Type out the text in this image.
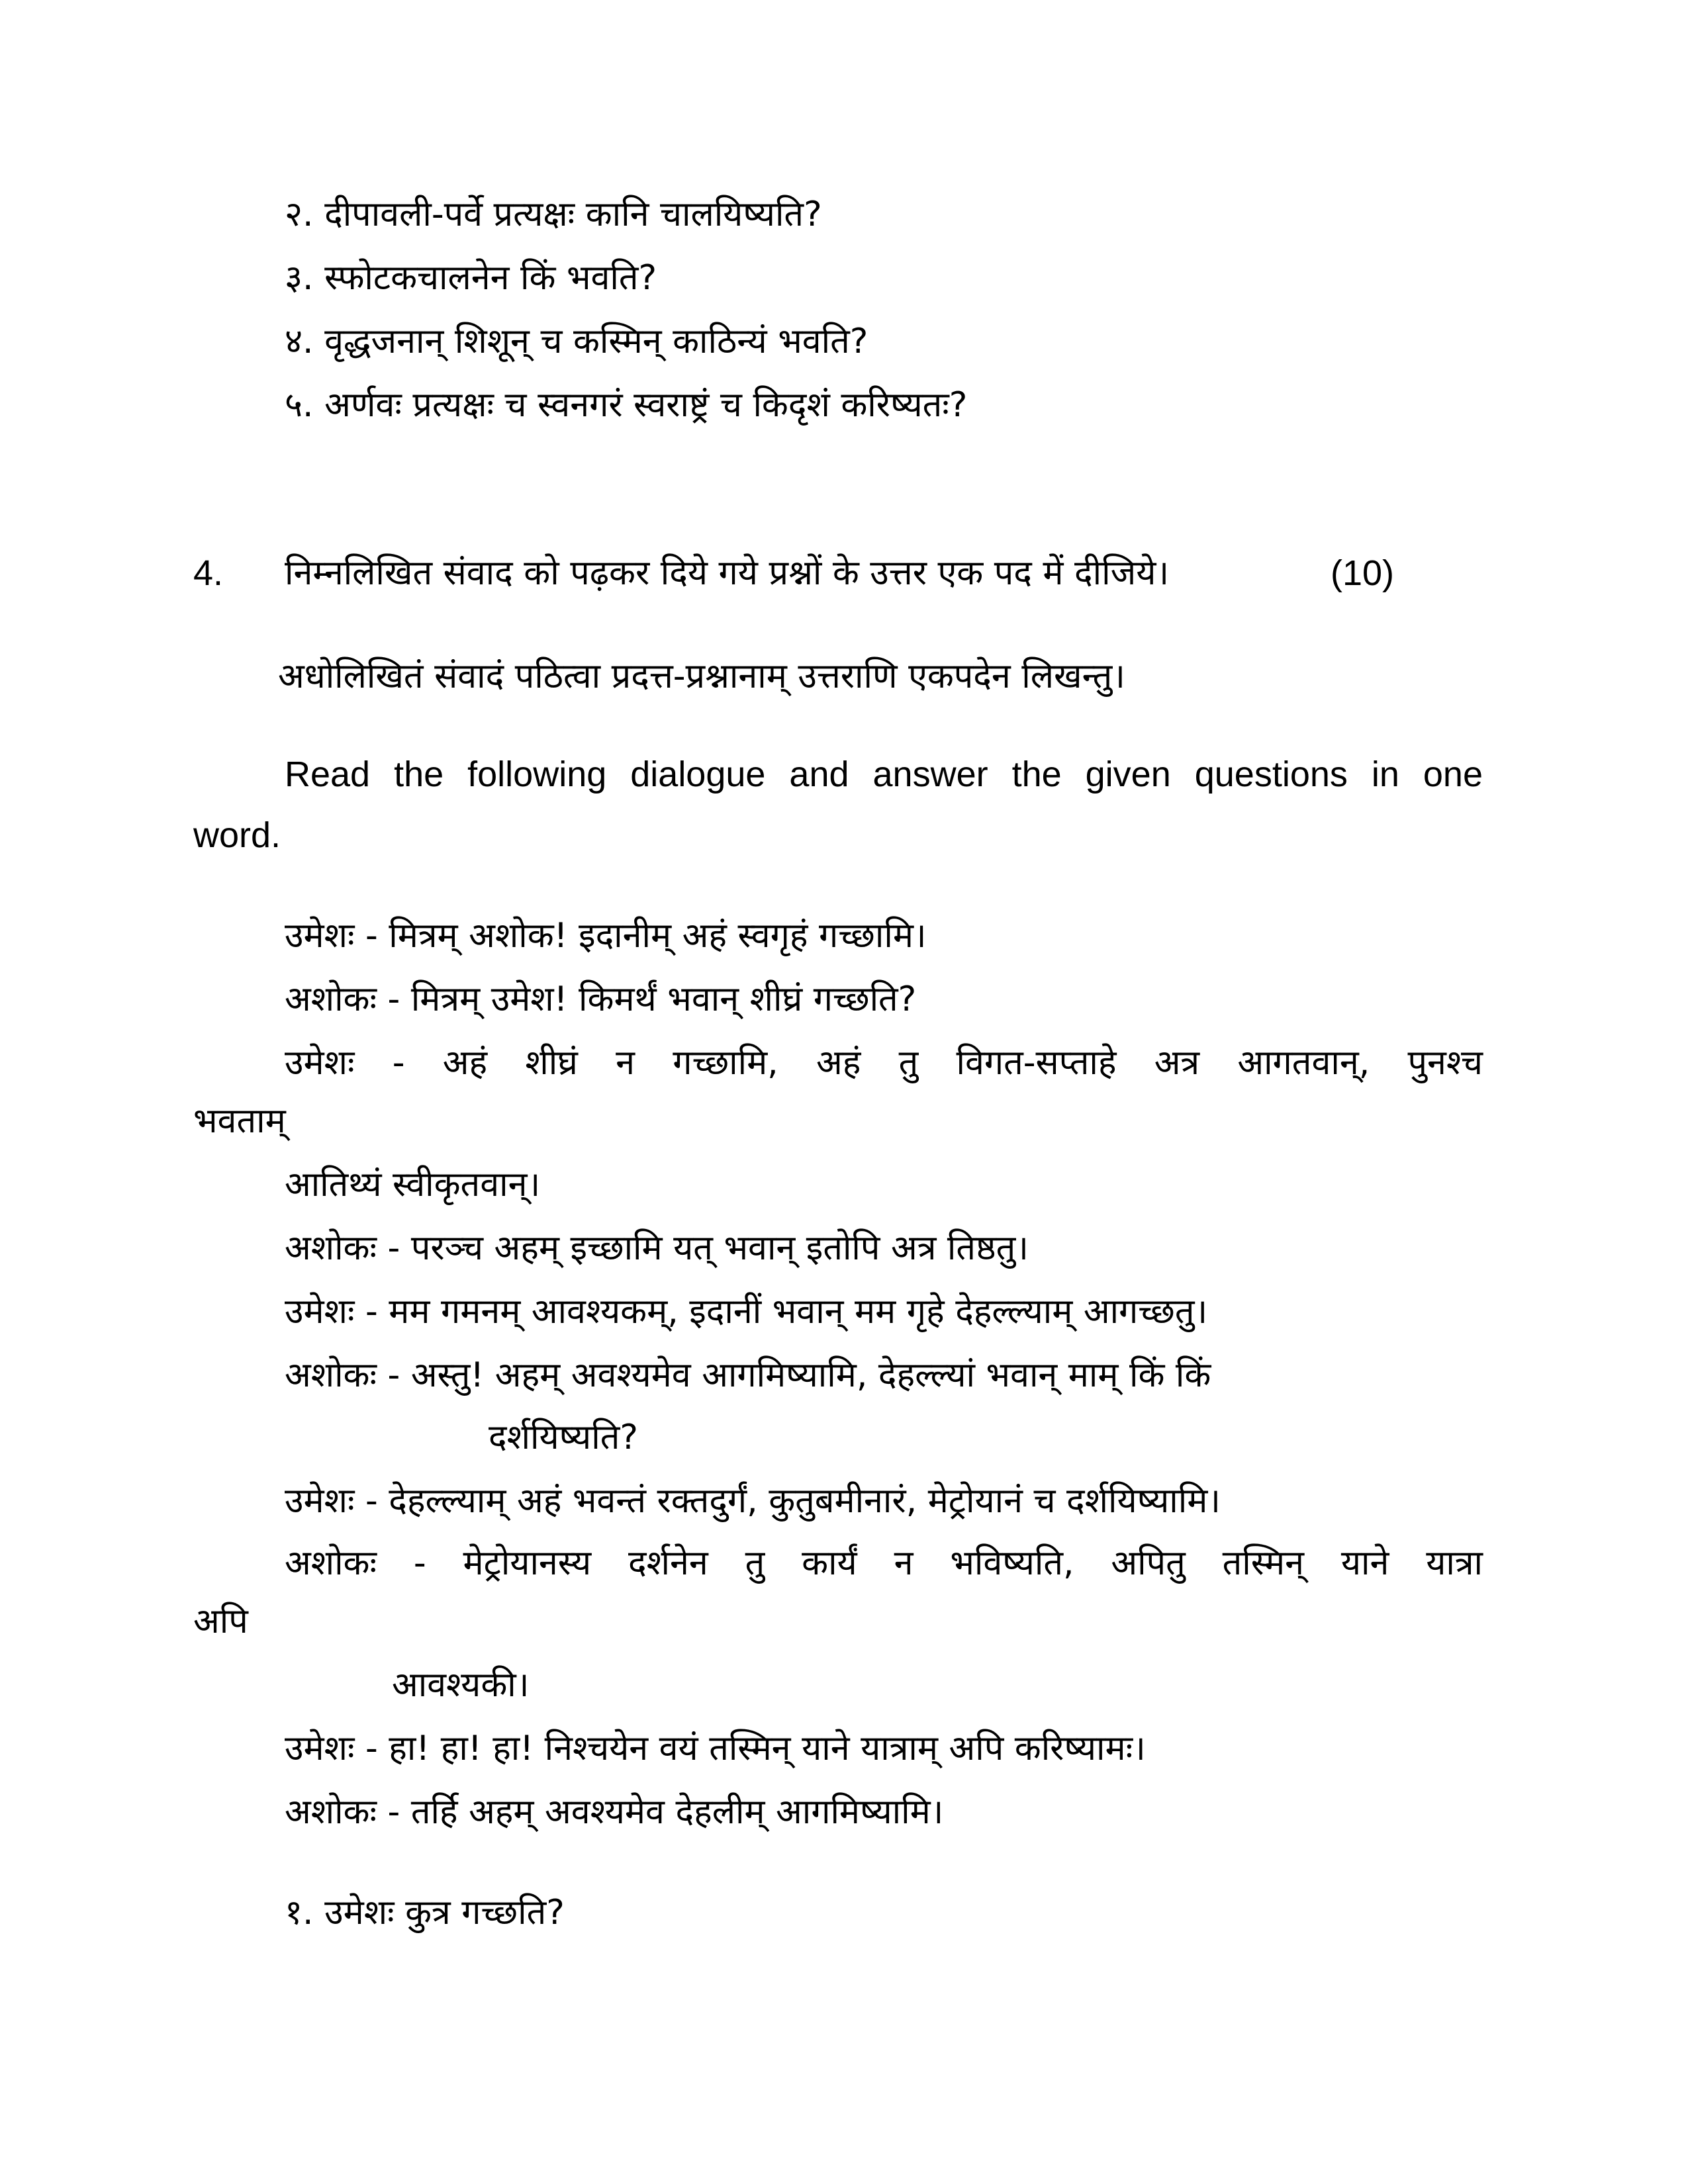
२. दीपावली-पर्वे प्रत्यक्षः कानि चालयिष्यति?
३. स्फोटकचालनेन किं भवति?
४. वृद्धजनान् शिशून् च कस्मिन् काठिन्यं भवति?
५. अर्णवः प्रत्यक्षः च स्वनगरं स्वराष्ट्रं च किदृशं करिष्यतः?
4. निम्नलिखित संवाद को पढ़कर दिये गये प्रश्नों के उत्तर एक पद में दीजिये।	(10)
अधोलिखितं संवादं पठित्वा प्रदत्त-प्रश्नानाम् उत्तराणि एकपदेन लिखन्तु।
Read the following dialogue and answer the given questions in one
word.
उमेशः - मित्रम् अशोक! इदानीम् अहं स्वगृहं गच्छामि।
अशोकः - मित्रम् उमेश! किमर्थं भवान् शीघ्रं गच्छति?
उमेशः - अहं शीघ्रं न गच्छामि, अहं तु विगत-सप्ताहे अत्र आगतवान्, पुनश्च
भवताम्
आतिथ्यं स्वीकृतवान्।
अशोकः - परञ्च अहम् इच्छामि यत् भवान् इतोपि अत्र तिष्ठतु।
उमेशः - मम गमनम् आवश्यकम्, इदानीं भवान् मम गृहे देहल्ल्याम् आगच्छतु।
अशोकः - अस्तु! अहम् अवश्यमेव आगमिष्यामि, देहल्ल्यां भवान् माम् किं किं
दर्शयिष्यति?
उमेशः - देहल्ल्याम् अहं भवन्तं रक्तदुर्गं, कुतुबमीनारं, मेट्रोयानं च दर्शयिष्यामि।
अशोकः - मेट्रोयानस्य दर्शनेन तु कार्यं न भविष्यति, अपितु तस्मिन् याने यात्रा
अपि
आवश्यकी।
उमेशः - हा! हा! हा! निश्चयेन वयं तस्मिन् याने यात्राम् अपि करिष्यामः।
अशोकः - तर्हि अहम् अवश्यमेव देहलीम् आगमिष्यामि।
१. उमेशः कुत्र गच्छति?
